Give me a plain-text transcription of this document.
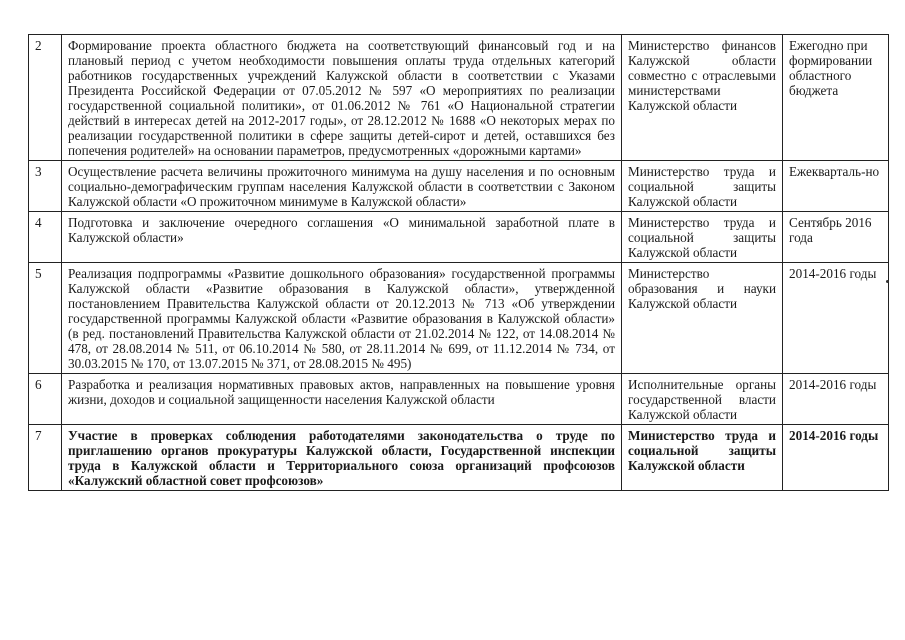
2	Формирование проекта областного бюджета на соответствующий финансовый год и на плановый период с учетом необходимости повышения оплаты труда отдельных категорий работников государственных учреждений Калужской области в соответствии с Указами Президента Российской Федерации от 07.05.2012 № 597 «О мероприятиях по реализации государственной социальной политики», от 01.06.2012 № 761 «О Национальной стратегии действий в интересах детей на 2012-2017 годы», от 28.12.2012 № 1688 «О некоторых мерах по реализации государственной политики в сфере защиты детей-сирот и детей, оставшихся без попечения родителей» на основании параметров, предусмотренных «дорожными картами»	Министерство финансов Калужской области совместно с отраслевыми министерствами Калужской области	Ежегодно при формировании областного бюджета
3	Осуществление расчета величины прожиточного минимума на душу населения и по основным социально-демографическим группам населения Калужской области в соответствии с Законом Калужской области «О прожиточном минимуме в Калужской области»	Министерство труда и социальной защиты Калужской области	Ежекварталь-но
4	Подготовка и заключение очередного соглашения «О минимальной заработной плате в Калужской области»	Министерство труда и социальной защиты Калужской области	Сентябрь 2016 года
5	Реализация подпрограммы «Развитие дошкольного образования» государственной программы Калужской области «Развитие образования в Калужской области», утвержденной постановлением Правительства Калужской области от 20.12.2013 № 713 «Об утверждении государственной программы Калужской области «Развитие образования в Калужской области» (в ред. постановлений Правительства Калужской области от 21.02.2014 № 122, от 14.08.2014 № 478, от 28.08.2014 № 511, от 06.10.2014 № 580, от 28.11.2014 № 699, от 11.12.2014 № 734, от 30.03.2015 № 170, от 13.07.2015 № 371, от 28.08.2015 № 495)	Министерство образования и науки Калужской области	2014-2016 годы
6	Разработка и реализация нормативных правовых актов, направленных на повышение уровня жизни, доходов и социальной защищенности населения Калужской области	Исполнительные органы государственной власти Калужской области	2014-2016 годы
7	Участие в проверках соблюдения работодателями законодательства о труде по приглашению органов прокуратуры Калужской области, Государственной инспекции труда в Калужской области и Территориального союза организаций профсоюзов «Калужский областной совет профсоюзов»	Министерство труда и социальной защиты Калужской области	2014-2016 годы
